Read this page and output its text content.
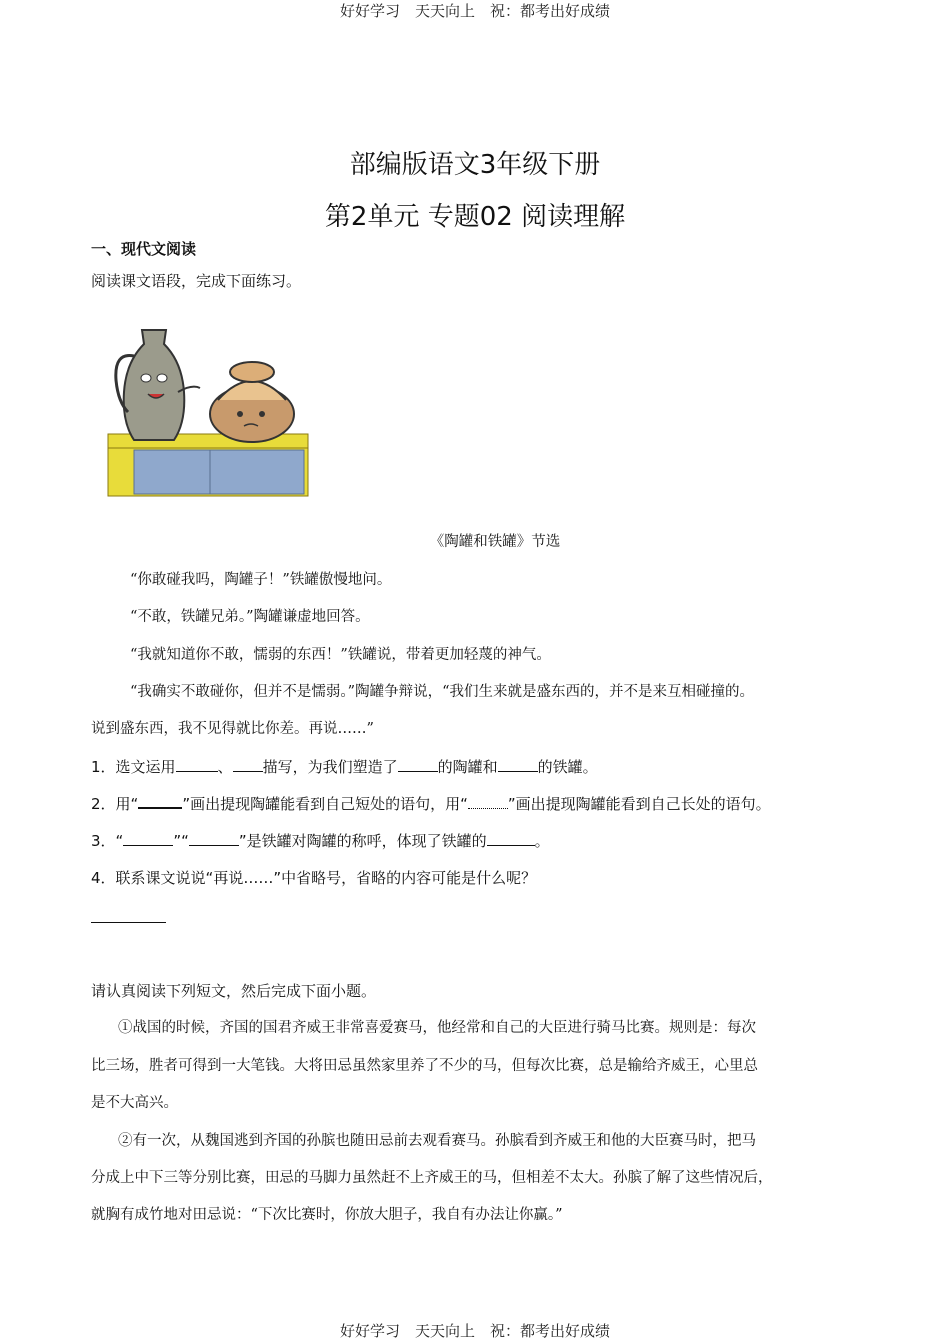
好好学习　天天向上　祝：都考出好成绩
部编版语文3年级下册
第2单元 专题02 阅读理解
一、现代文阅读
阅读课文语段，完成下面练习。
《陶罐和铁罐》节选
“你敢碰我吗，陶罐子！”铁罐傲慢地问。
“不敢，铁罐兄弟。”陶罐谦虚地回答。
“我就知道你不敢，懦弱的东西！”铁罐说，带着更加轻蔑的神气。
“我确实不敢碰你，但并不是懦弱。”陶罐争辩说，“我们生来就是盛东西的，并不是来互相碰撞的。
说到盛东西，我不见得就比你差。再说……”
1．选文运用	、 描写，为我们塑造了	的陶罐和	的铁罐。
2．用“	”画出提现陶罐能看到自己短处的语句，用“	”画出提现陶罐能看到自己长处的语句。
3．“	”“	”是铁罐对陶罐的称呼，体现了铁罐的	。
4．联系课文说说“再说……”中省略号，省略的内容可能是什么呢？
请认真阅读下列短文，然后完成下面小题。
①战国的时候，齐国的国君齐威王非常喜爱赛马，他经常和自己的大臣进行骑马比赛。规则是：每次
比三场，胜者可得到一大笔钱。大将田忌虽然家里养了不少的马，但每次比赛，总是输给齐威王，心里总
是不大高兴。
②有一次，从魏国逃到齐国的孙膑也随田忌前去观看赛马。孙膑看到齐威王和他的大臣赛马时，把马
分成上中下三等分别比赛，田忌的马脚力虽然赶不上齐威王的马，但相差不太大。孙膑了解了这些情况后，
就胸有成竹地对田忌说：“下次比赛时，你放大胆子，我自有办法让你赢。”
好好学习　天天向上　祝：都考出好成绩
